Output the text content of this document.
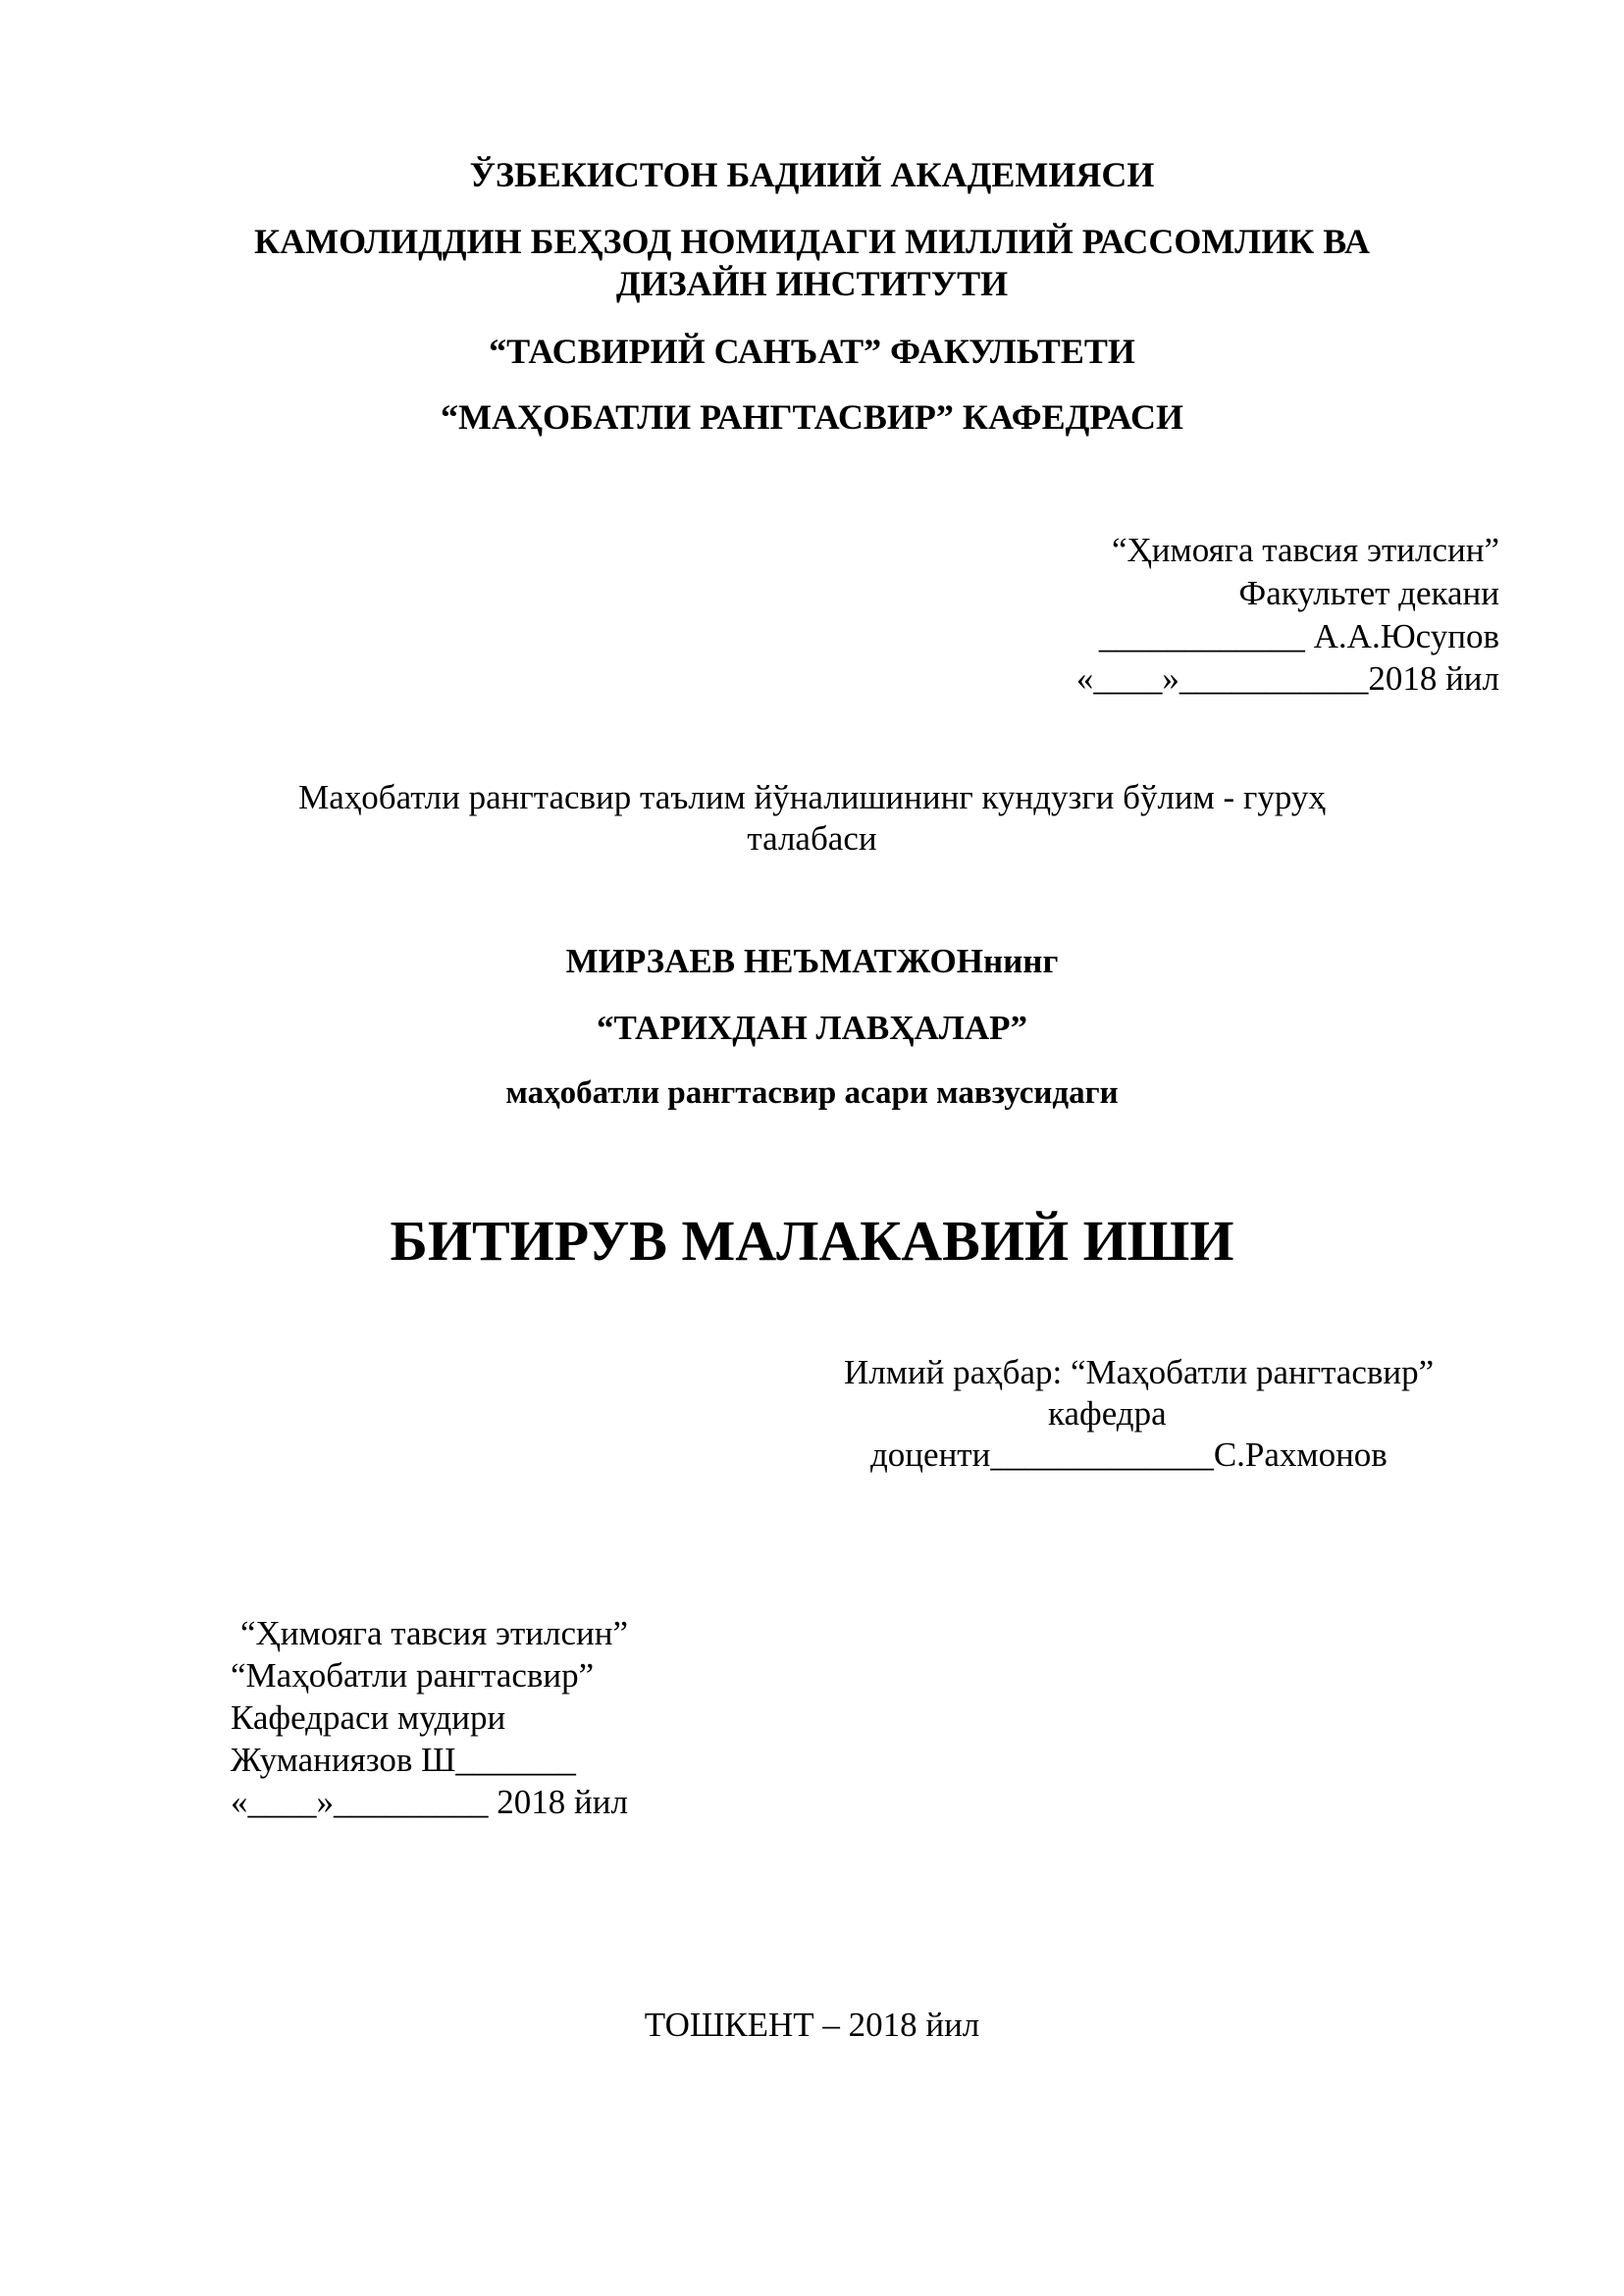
ЎЗБЕКИСТОН БАДИИЙ АКАДЕМИЯСИ
КАМОЛИДДИН БЕҲЗОД НОМИДАГИ МИЛЛИЙ РАССОМЛИК ВА
ДИЗАЙН ИНСТИТУТИ
“ТАСВИРИЙ САНЪАТ” ФАКУЛЬТЕТИ
“МАҲОБАТЛИ РАНГТАСВИР” КАФЕДРАСИ
“Ҳимояга тавсия этилсин”
Факультет декани
____________ А.А.Юсупов
«____»___________2018 йил
Маҳобатли рангтасвир таълим йўналишининг кундузги бўлим - гуруҳ
талабаси
МИРЗАЕВ НЕЪМАТЖОНнинг
“ТАРИХДАН ЛАВҲАЛАР”
маҳобатли рангтасвир асари мавзусидаги
БИТИРУВ МАЛАКАВИЙ ИШИ
Илмий раҳбар: “Маҳобатли рангтасвир”
кафедра
доценти_____________С.Рахмонов
“Ҳимояга тавсия этилсин”
“Маҳобатли рангтасвир”
Кафедраси мудири
Жуманиязов Ш_______
«____»_________ 2018 йил
ТОШКЕНТ – 2018 йил
